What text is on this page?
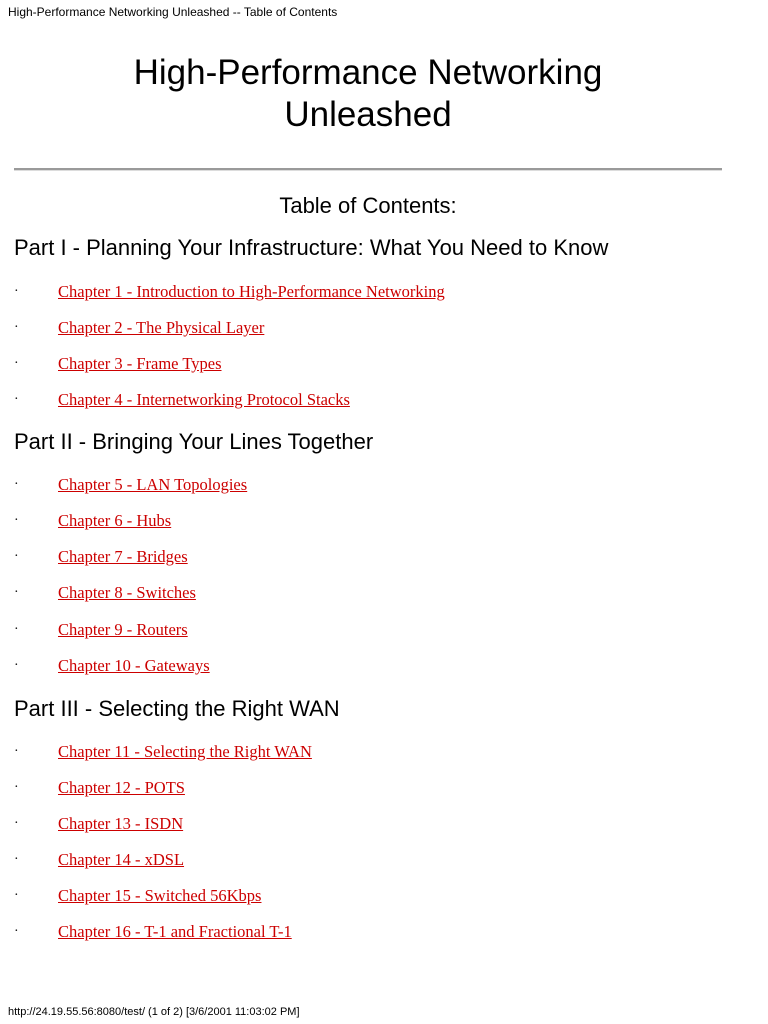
High-Performance Networking Unleashed -- Table of Contents
High-Performance Networking
Unleashed
Table of Contents:
Part I - Planning Your Infrastructure: What You Need to Know
· Chapter 1 - Introduction to High-Performance Networking
· Chapter 2 - The Physical Layer
· Chapter 3 - Frame Types
· Chapter 4 - Internetworking Protocol Stacks
Part II - Bringing Your Lines Together
· Chapter 5 - LAN Topologies
· Chapter 6 - Hubs
· Chapter 7 - Bridges
· Chapter 8 - Switches
· Chapter 9 - Routers
· Chapter 10 - Gateways
Part III - Selecting the Right WAN
· Chapter 11 - Selecting the Right WAN
· Chapter 12 - POTS
· Chapter 13 - ISDN
· Chapter 14 - xDSL
· Chapter 15 - Switched 56Kbps
· Chapter 16 - T-1 and Fractional T-1
http://24.19.55.56:8080/test/ (1 of 2) [3/6/2001 11:03:02 PM]
